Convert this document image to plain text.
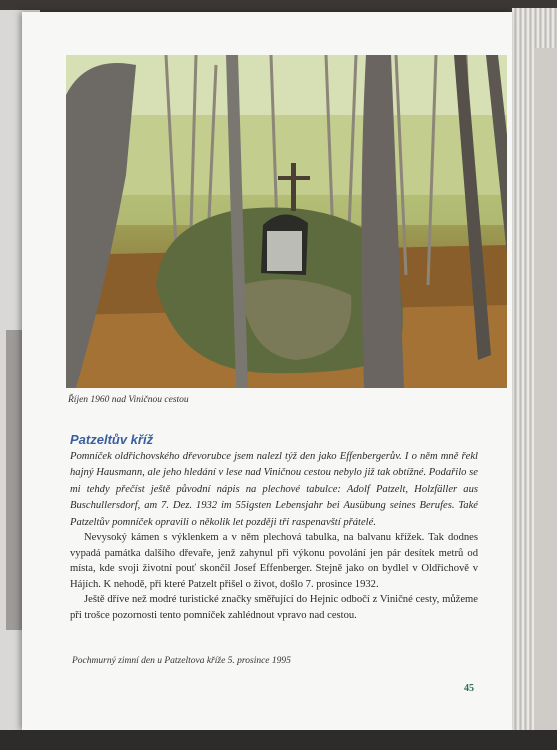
Říjen 1960 nad Viničnou cestou
Patzeltův kříž
Pomníček oldřichovského dřevorubce jsem nalezl týž den jako Effenbergerův. I o něm mně řekl hajný Hausmann, ale jeho hledání v lese nad Viničnou cestou nebylo již tak obtížné. Podařilo se mi tehdy přečíst ještě původní nápis na plechové tabulce: Adolf Patzelt, Holzfäller aus Buschullersdorf, am 7. Dez. 1932 im 55igsten Lebensjahr bei Ausübung seines Berufes. Také Patzeltův pomníček opravili o několik let později tři raspenavští přátelé.

Nevysoký kámen s výklenkem a v něm plechová tabulka, na balvanu křížek. Tak dodnes vypadá památka dalšího dřevaře, jenž zahynul při výkonu povolání jen pár desítek metrů od místa, kde svoji životní pouť skončil Josef Effenberger. Stejně jako on bydlel v Oldřichově v Hájích. K nehodě, při které Patzelt přišel o život, došlo 7. prosince 1932.

Ještě dříve než modré turistické značky směřující do Hejnic odbočí z Viničné cesty, můžeme při trošce pozornosti tento pomníček zahlédnout vpravo nad cestou.

Pochmurný zimní den u Patzeltova kříže 5. prosince 1995
45
